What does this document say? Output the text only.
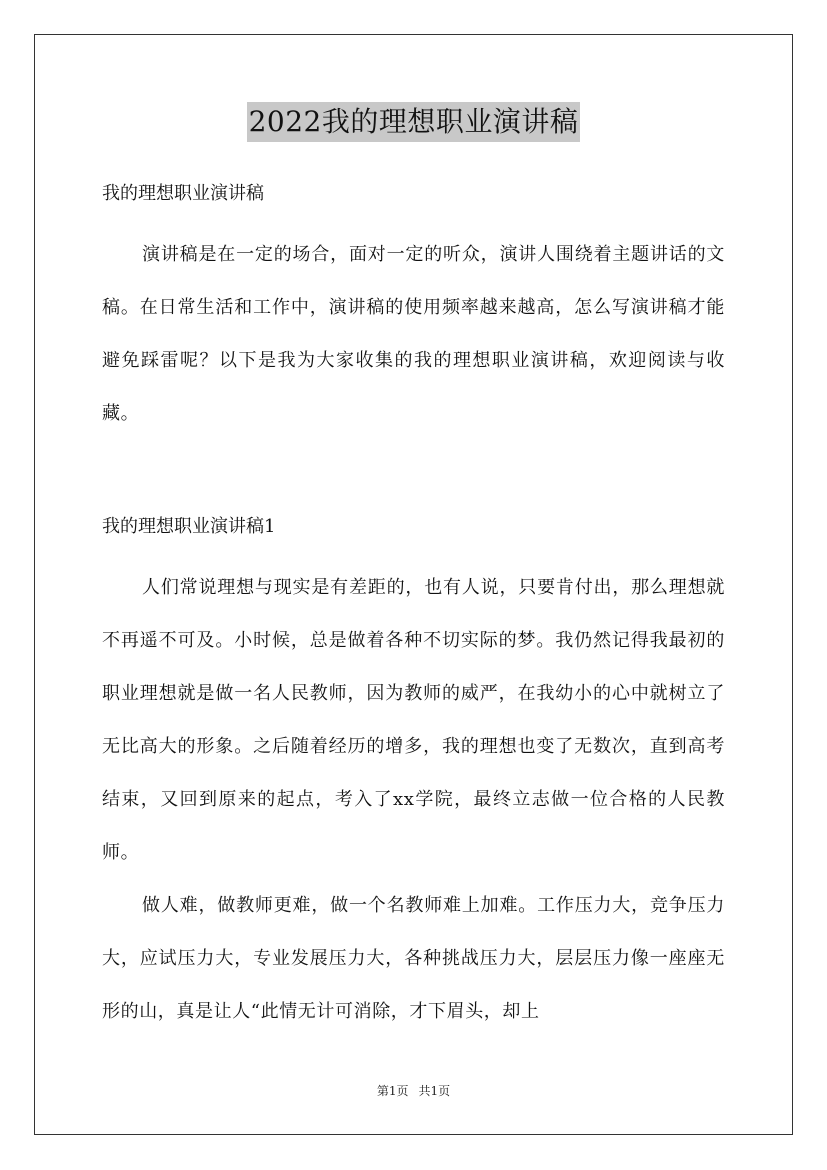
2022我的理想职业演讲稿

我的理想职业演讲稿

演讲稿是在一定的场合，面对一定的听众，演讲人围绕着主题讲话的文稿。在日常生活和工作中，演讲稿的使用频率越来越高，怎么写演讲稿才能避免踩雷呢？以下是我为大家收集的我的理想职业演讲稿，欢迎阅读与收藏。

我的理想职业演讲稿1

人们常说理想与现实是有差距的，也有人说，只要肯付出，那么理想就不再遥不可及。小时候，总是做着各种不切实际的梦。我仍然记得我最初的职业理想就是做一名人民教师，因为教师的威严，在我幼小的心中就树立了无比高大的形象。之后随着经历的增多，我的理想也变了无数次，直到高考结束，又回到原来的起点，考入了xx学院，最终立志做一位合格的人民教师。

做人难，做教师更难，做一个名教师难上加难。工作压力大，竞争压力大，应试压力大，专业发展压力大，各种挑战压力大，层层压力像一座座无形的山，真是让人“此情无计可消除，才下眉头，却上

第1页 共1页
